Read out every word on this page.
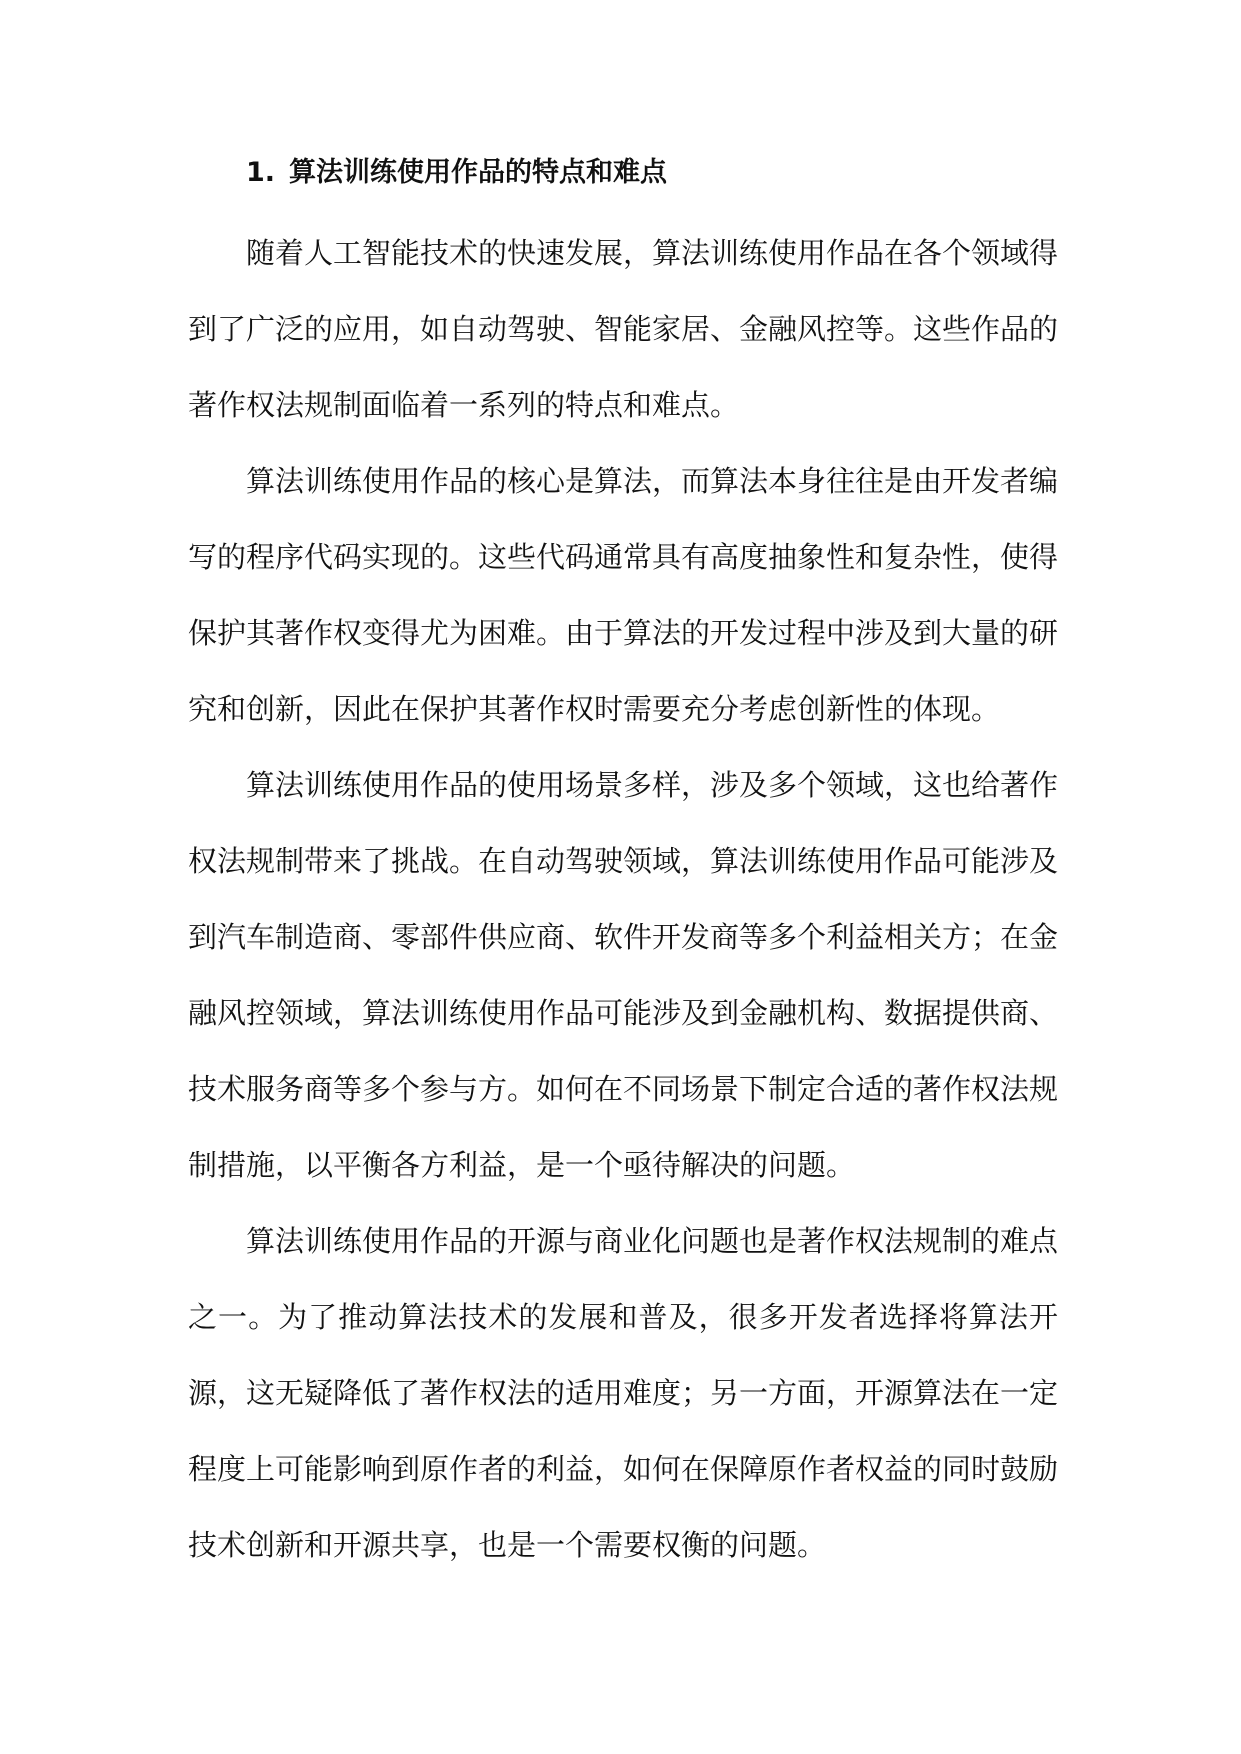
1. 算法训练使用作品的特点和难点

随着人工智能技术的快速发展，算法训练使用作品在各个领域得到了广泛的应用，如自动驾驶、智能家居、金融风控等。这些作品的著作权法规制面临着一系列的特点和难点。

算法训练使用作品的核心是算法，而算法本身往往是由开发者编写的程序代码实现的。这些代码通常具有高度抽象性和复杂性，使得保护其著作权变得尤为困难。由于算法的开发过程中涉及到大量的研究和创新，因此在保护其著作权时需要充分考虑创新性的体现。

算法训练使用作品的使用场景多样，涉及多个领域，这也给著作权法规制带来了挑战。在自动驾驶领域，算法训练使用作品可能涉及到汽车制造商、零部件供应商、软件开发商等多个利益相关方；在金融风控领域，算法训练使用作品可能涉及到金融机构、数据提供商、技术服务商等多个参与方。如何在不同场景下制定合适的著作权法规制措施，以平衡各方利益，是一个亟待解决的问题。

算法训练使用作品的开源与商业化问题也是著作权法规制的难点之一。为了推动算法技术的发展和普及，很多开发者选择将算法开源，这无疑降低了著作权法的适用难度；另一方面，开源算法在一定程度上可能影响到原作者的利益，如何在保障原作者权益的同时鼓励技术创新和开源共享，也是一个需要权衡的问题。
